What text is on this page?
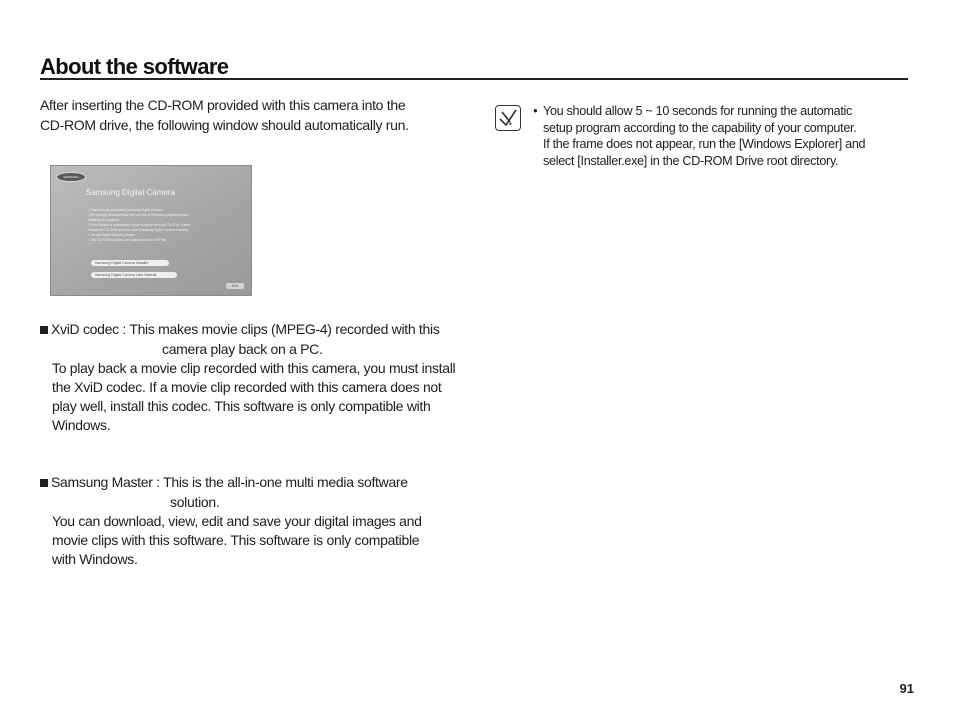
About the software
After inserting the CD-ROM provided with this camera into the
CD-ROM drive, the following window should automatically run.
SAMSUNG
Samsung Digital Camera
• Thank you for purchasing Samsung Digital Camera.
• It is strongly recommended that you exit all Windows programs before
installing the program.
• If the Autorun is unavailable in your computer through CD-ROM, please
browse the CD-ROM and then click [Samsung Digital Camera Installer].
• You can install Samsung Master.
• This CD-ROM includes User Manual which is PDF file.
Samsung Digital Camera Installer
Samsung Digital Camera User Manual
Exit
XviD codec : This makes movie clips (MPEG-4) recorded with this
camera play back on a PC.
To play back a movie clip recorded with this camera, you must install
the XviD codec. If a movie clip recorded with this camera does not
play well, install this codec. This software is only compatible with
Windows.
Samsung Master : This is the all-in-one multi media software
solution.
You can download, view, edit and save your digital images and
movie clips with this software. This software is only compatible
with Windows.
● You should allow 5 ~ 10 seconds for running the automatic
setup program according to the capability of your computer.
If the frame does not appear, run the [Windows Explorer] and
select [Installer.exe] in the CD-ROM Drive root directory.
91
